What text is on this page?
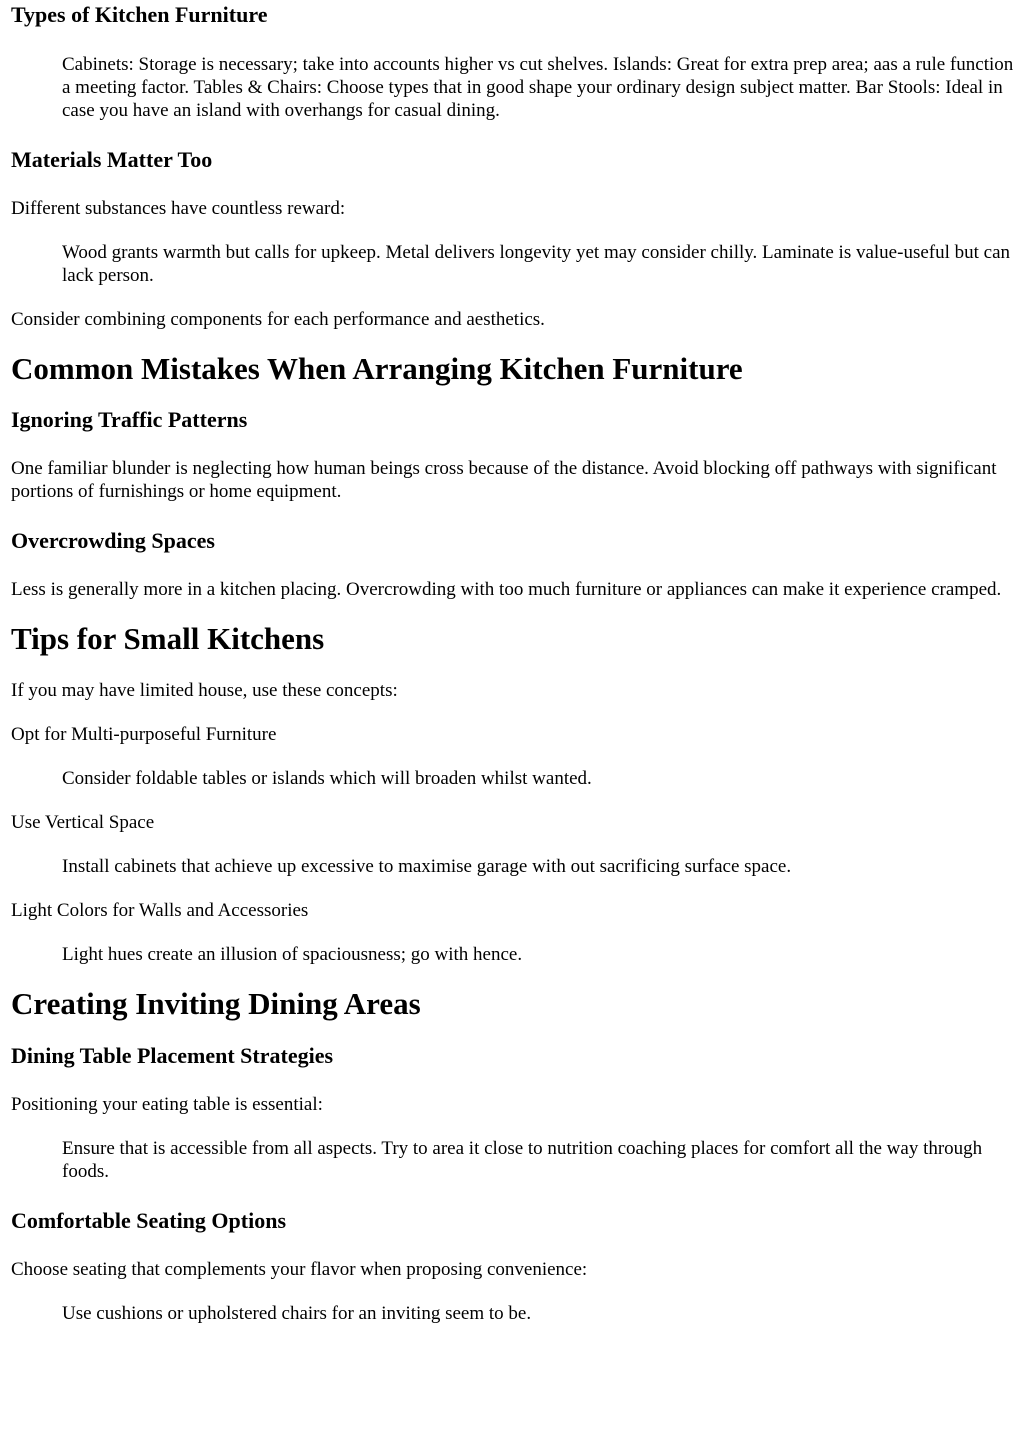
Types of Kitchen Furniture
Cabinets: Storage is necessary; take into accounts higher vs cut shelves. Islands: Great for extra prep area; aas a rule function a meeting factor. Tables & Chairs: Choose types that in good shape your ordinary design subject matter. Bar Stools: Ideal in case you have an island with overhangs for casual dining.
Materials Matter Too

Different substances have countless reward:

Wood grants warmth but calls for upkeep. Metal delivers longevity yet may consider chilly. Laminate is value-useful but can lack person.

Consider combining components for each performance and aesthetics.

Common Mistakes When Arranging Kitchen Furniture
Ignoring Traffic Patterns

One familiar blunder is neglecting how human beings cross because of the distance. Avoid blocking off pathways with significant portions of furnishings or home equipment.

Overcrowding Spaces

Less is generally more in a kitchen placing. Overcrowding with too much furniture or appliances can make it experience cramped.

Tips for Small Kitchens

If you may have limited house, use these concepts:

Opt for Multi-purposeful Furniture

Consider foldable tables or islands which will broaden whilst wanted.

Use Vertical Space

Install cabinets that achieve up excessive to maximise garage with out sacrificing surface space.

Light Colors for Walls and Accessories

Light hues create an illusion of spaciousness; go with hence.
Creating Inviting Dining Areas
Dining Table Placement Strategies

Positioning your eating table is essential:

Ensure that is accessible from all aspects. Try to area it close to nutrition coaching places for comfort all the way through foods.
Comfortable Seating Options

Choose seating that complements your flavor when proposing convenience:

Use cushions or upholstered chairs for an inviting seem to be.
